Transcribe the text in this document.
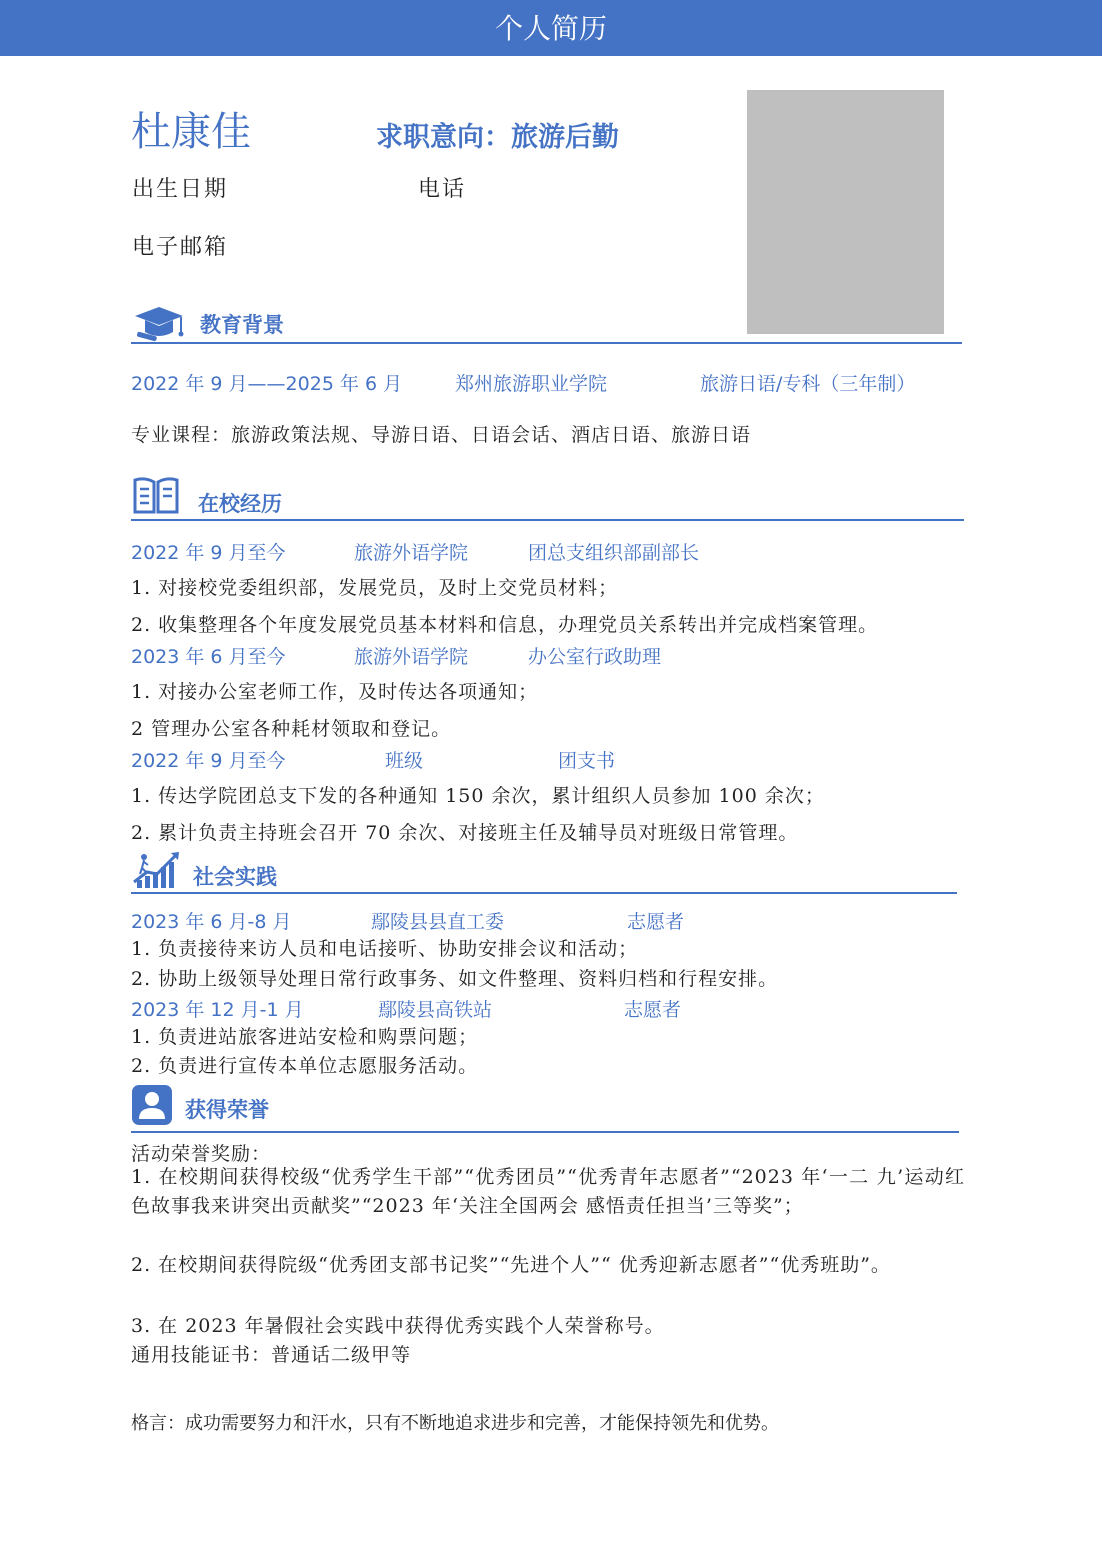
个人简历
杜康佳	求职意向：旅游后勤
出生日期	电话
电子邮箱
教育背景
2022 年 9 月——2025 年 6 月	郑州旅游职业学院	旅游日语/专科（三年制）
专业课程：旅游政策法规、导游日语、日语会话、酒店日语、旅游日语
在校经历
2022 年 9 月至今	旅游外语学院	团总支组织部副部长
1. 对接校党委组织部，发展党员，及时上交党员材料；
2. 收集整理各个年度发展党员基本材料和信息，办理党员关系转出并完成档案管理。
2023 年 6 月至今	旅游外语学院	办公室行政助理
1. 对接办公室老师工作，及时传达各项通知；
2 管理办公室各种耗材领取和登记。
2022 年 9 月至今	班级	团支书
1. 传达学院团总支下发的各种通知 150 余次，累计组织人员参加 100 余次；
2. 累计负责主持班会召开 70 余次、对接班主任及辅导员对班级日常管理。
社会实践
2023 年 6 月-8 月	鄢陵县县直工委	志愿者
1. 负责接待来访人员和电话接听、协助安排会议和活动；
2. 协助上级领导处理日常行政事务、如文件整理、资料归档和行程安排。
2023 年 12 月-1 月	鄢陵县高铁站	志愿者
1. 负责进站旅客进站安检和购票问题；
2. 负责进行宣传本单位志愿服务活动。
获得荣誉
活动荣誉奖励：
1. 在校期间获得校级“优秀学生干部”“优秀团员”“优秀青年志愿者”“2023 年‘一二 九’运动红色故事我来讲突出贡献奖”“2023 年‘关注全国两会 感悟责任担当’三等奖”；
2. 在校期间获得院级“优秀团支部书记奖”“先进个人”“ 优秀迎新志愿者”“优秀班助”。
3. 在 2023 年暑假社会实践中获得优秀实践个人荣誉称号。
通用技能证书：普通话二级甲等
格言：成功需要努力和汗水，只有不断地追求进步和完善，才能保持领先和优势。
